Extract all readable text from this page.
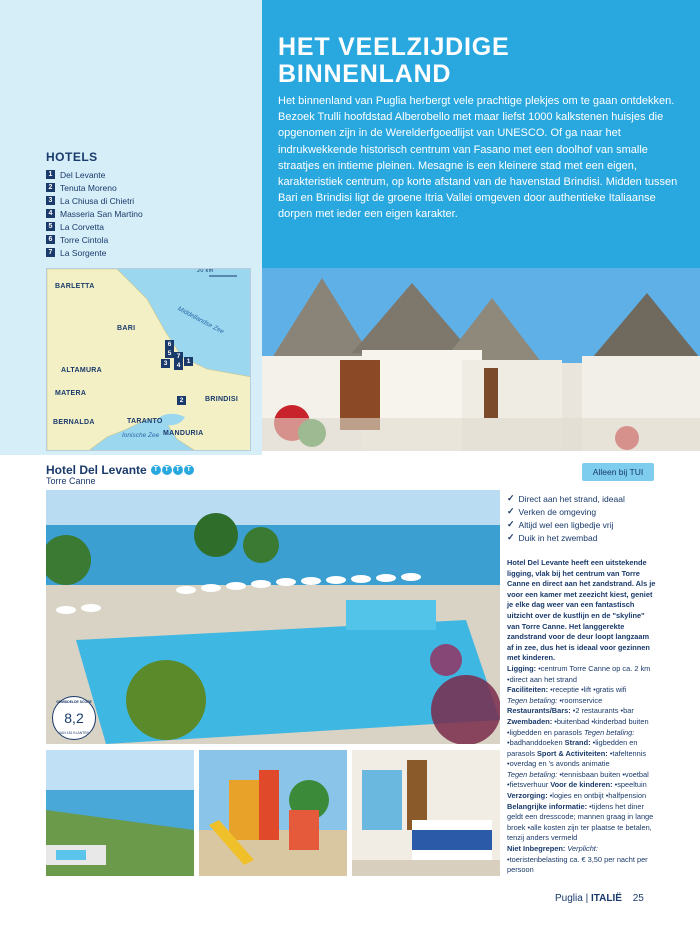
HOTELS
1 Del Levante
2 Tenuta Moreno
3 La Chiusa di Chietri
4 Masseria San Martino
5 La Corvetta
6 Torre Cintola
7 La Sorgente
20 km
BARLETTA
BARI
ALTAMURA
MATERA
BERNALDA	TARANTO
MANDURIA
BRINDISI
Middellandse Zee
Ionische Zee
6
5 7
1
3	4
2
HET VEELZIJDIGE BINNENLAND
Het binnenland van Puglia herbergt vele prachtige plekjes om te gaan ontdekken. Bezoek Trulli hoofdstad Alberobello met maar liefst 1000 kalkstenen huisjes die opgenomen zijn in de Werelderfgoedlijst van UNESCO. Of ga naar het indrukwekkende historisch centrum van Fasano met een doolhof van smalle straatjes en intieme pleinen. Mesagne is een kleinere stad met een eigen, karakteristiek centrum, op korte afstand van de havenstad Brindisi. Midden tussen Bari en Brindisi ligt de groene Itria Vallei omgeven door authentieke Italiaanse dorpen met ieder een eigen karakter.
Hotel Del Levante T T T T
Torre Canne
Alleen bij TUI
8,2
GEMIDDELDE SCORE
VAN 181 KLANTEN
✓ Direct aan het strand, ideaal
✓ Verken de omgeving
✓ Altijd wel een ligbedje vrij
✓ Duik in het zwembad

Hotel Del Levante heeft een uitstekende ligging, vlak bij het centrum van Torre Canne en direct aan het zandstrand. Als je voor een kamer met zeezicht kiest, geniet je elke dag weer van een fantastisch uitzicht over de kustlijn en de "skyline" van Torre Canne. Het langgerekte zandstrand voor de deur loopt langzaam af in zee, dus het is ideaal voor gezinnen met kinderen.

Ligging: •centrum Torre Canne op ca. 2 km •direct aan het strand

Faciliteiten: •receptie •lift •gratis wifi

Tegen betaling: •roomservice

Restaurants/Bars: •2 restaurants •bar

Zwembaden: •buitenbad •kinderbad buiten •ligbedden en parasols Tegen betaling: •badhanddoeken Strand: •ligbedden en parasols Sport & Activiteiten: •tafeltennis •overdag en 's avonds animatie

Tegen betaling: •tennisbaan buiten •voetbal •fietsverhuur Voor de kinderen: •speeltuin

Verzorging: •logies en ontbijt •halfpension

Belangrijke informatie: •tijdens het diner geldt een dresscode; mannen graag in lange broek •alle kosten zijn ter plaatse te betalen, tenzij anders vermeld

Niet Inbegrepen: Verplicht: •toeristenbelasting ca. € 3,50 per nacht per persoon

Puglia | ITALIË 25
